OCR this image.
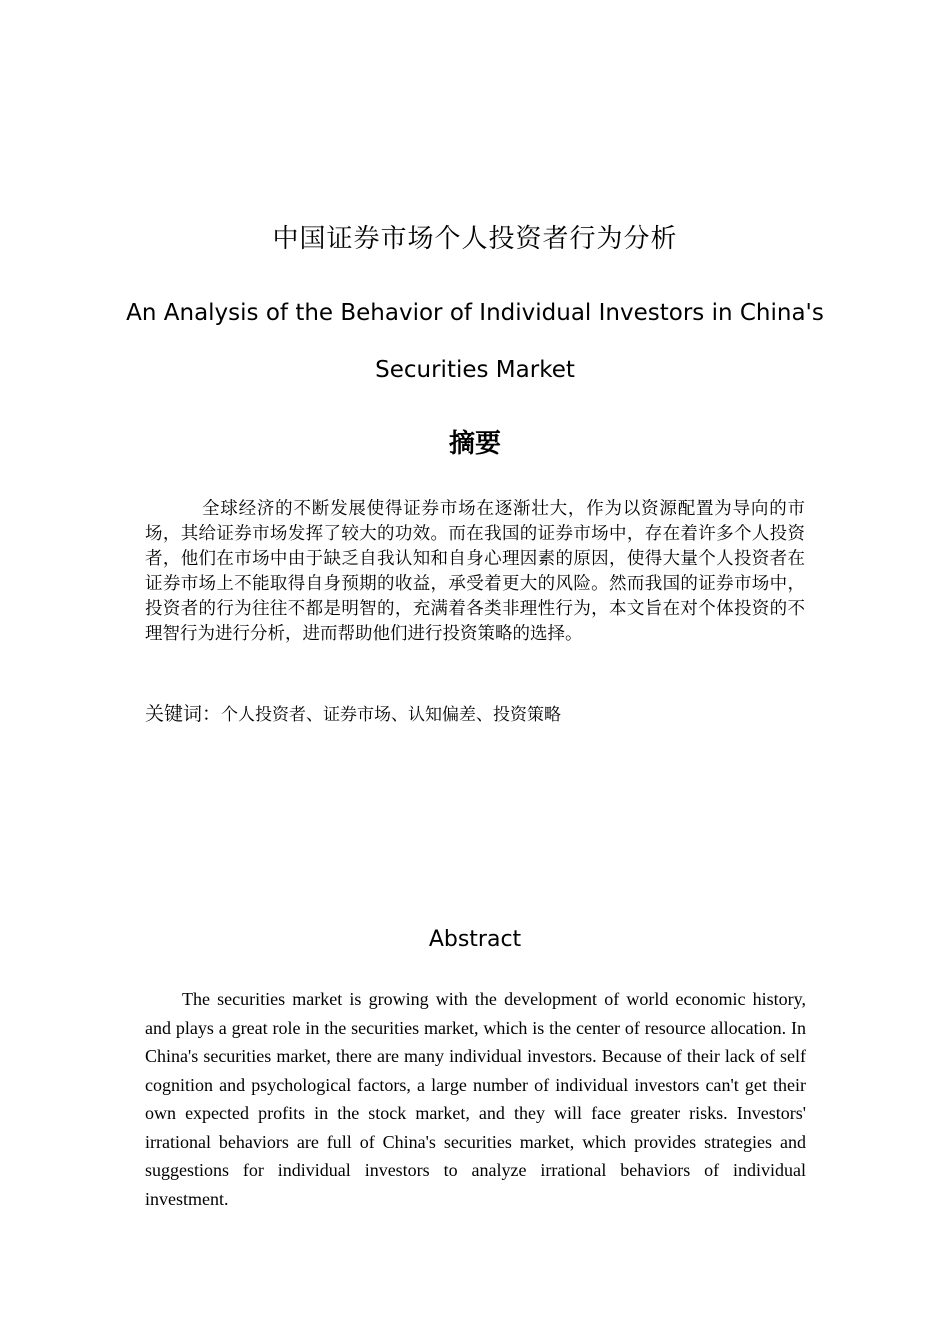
中国证券市场个人投资者行为分析
An Analysis of the Behavior of Individual Investors in China's Securities Market
摘要

全球经济的不断发展使得证券市场在逐渐壮大，作为以资源配置为导向的市场，其给证券市场发挥了较大的功效。而在我国的证券市场中，存在着许多个人投资者，他们在市场中由于缺乏自我认知和自身心理因素的原因，使得大量个人投资者在证券市场上不能取得自身预期的收益，承受着更大的风险。然而我国的证券市场中，投资者的行为往往不都是明智的，充满着各类非理性行为，本文旨在对个体投资的不理智行为进行分析，进而帮助他们进行投资策略的选择。

关键词：个人投资者、证券市场、认知偏差、投资策略
Abstract

The securities market is growing with the development of world economic history, and plays a great role in the securities market, which is the center of resource allocation. In China's securities market, there are many individual investors. Because of their lack of self cognition and psychological factors, a large number of individual investors can't get their own expected profits in the stock market, and they will face greater risks. Investors' irrational behaviors are full of China's securities market, which provides strategies and suggestions for individual investors to analyze irrational behaviors of individual investment.
